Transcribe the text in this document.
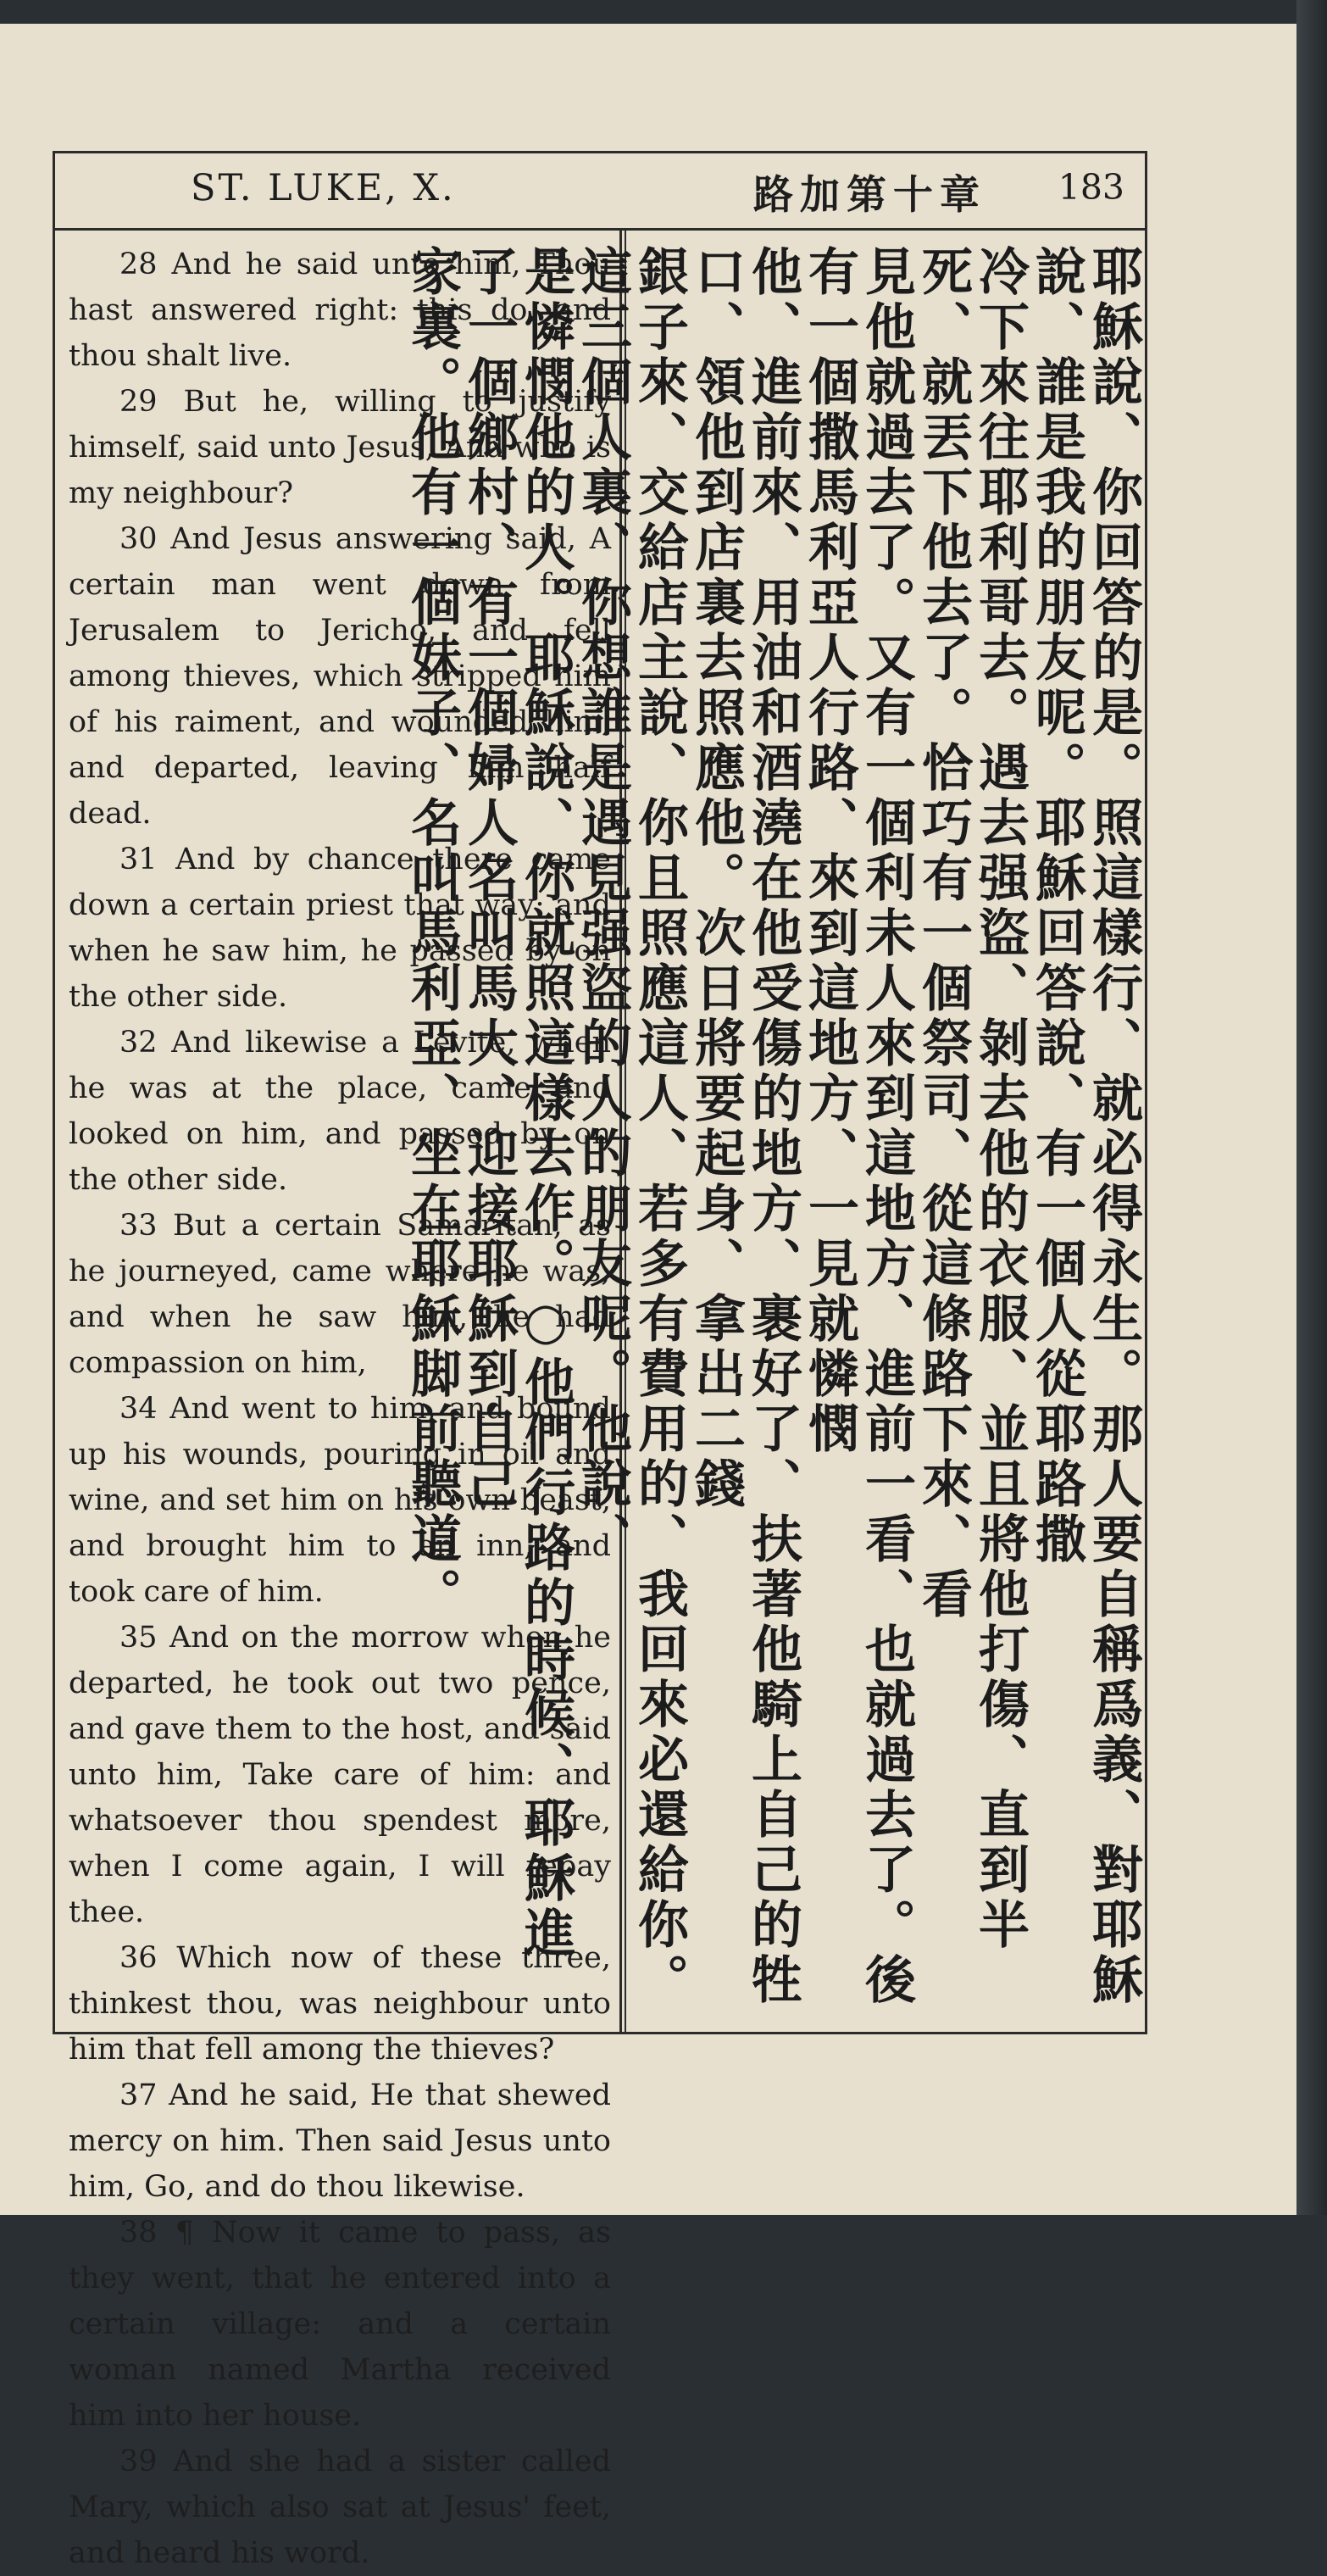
ST. LUKE, X.	路加第十章 183
28 And he said unto him, Thou hast answered right: this do, and thou shalt live.
29 But he, willing to justify himself, said unto Jesus, And who is my neighbour?
30 And Jesus answering said, A certain man went down from Jerusalem to Jericho, and fell among thieves, which stripped him of his raiment, and wounded him, and departed, leaving him half dead.
31 And by chance there came down a certain priest that way; and when he saw him, he passed by on the other side.
32 And likewise a Levite, when he was at the place, came and looked on him, and passed by on the other side.
33 But a certain Samaritan, as he journeyed, came where he was; and when he saw him, he had compassion on him,
34 And went to him, and bound up his wounds, pouring in oil and wine, and set him on his own beast, and brought him to an inn, and took care of him.
35 And on the morrow when he departed, he took out two pence, and gave them to the host, and said unto him, Take care of him: and whatsoever thou spendest more, when I come again, I will repay thee.
36 Which now of these three, thinkest thou, was neighbour unto him that fell among the thieves?
37 And he said, He that shewed mercy on him. Then said Jesus unto him, Go, and do thou likewise.
38 ¶ Now it came to pass, as they went, that he entered into a certain village: and a certain woman named Martha received him into her house.
39 And she had a sister called Mary, which also sat at Jesus' feet, and heard his word.

耶穌說、你回答的是。照這樣行、就必得永生。那人要自稱爲義、對耶穌說、誰是我的朋友呢。耶穌回答說、有一個人從耶路撒

冷下來往耶利哥去。遇去强盜、剝去他的衣服、並且將他打傷、直到半死、就丟下他去了。恰巧有一個祭司、從這條路下來、看

見他就過去了。又有一個利未人來到這地方、進前一看、也就過去了。後有一個撒馬利亞人行路、來到這地方、一見就憐憫

他、進前來、用油和酒澆在他受傷的地方、裹好了、扶著他騎上自己的牲口、領他到店裏去照應他。次日將要起身、拿出二錢

銀子來、交給店主說、你且照應這人、若多有費用的、我回來必還給你。這三個人裏、你想誰是遇見强盜的人的朋友呢。他說、

是憐憫他的人。耶穌說、你就照這樣去作。○他們行路的時候、耶穌進了一個鄉村、有一個婦人名叫馬大、迎接耶穌到自己

家裏。他有一個妹子、名叫馬利亞、坐在耶穌脚前聽道。
